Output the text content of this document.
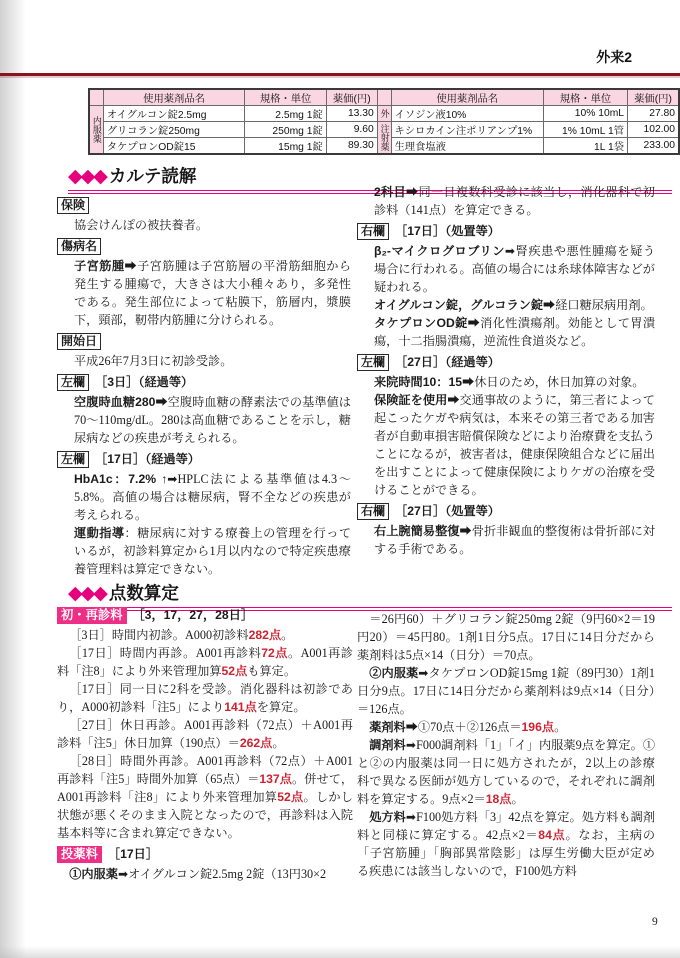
外来2
	使用薬剤品名	規格・単位	薬価(円)		使用薬剤品名	規格・単位	薬価(円)
内服薬	オイグルコン錠2.5mg	2.5mg 1錠	13.30	外	イソジン液10%	10% 10mL	27.80
	グリコラン錠250mg	250mg 1錠	9.60	注射薬	キシロカイン注ポリアンプ1%	1% 10mL 1管	102.00
	タケプロンOD錠15	15mg 1錠	89.30		生理食塩液	1L 1袋	233.00
◆◆◆ カルテ読解
保険
協会けんぽの被扶養者。
傷病名
子宮筋腫➡子宮筋腫は子宮筋層の平滑筋細胞から発生する腫瘍で，大きさは大小種々あり，多発性である。発生部位によって粘膜下，筋層内，漿膜下，頸部，靭帯内筋腫に分けられる。
開始日
平成26年7月3日に初診受診。
左欄 ［3日］（経過等）
空腹時血糖280➡空腹時血糖の酵素法での基準値は70〜110mg/dL。280は高血糖であることを示し，糖尿病などの疾患が考えられる。
左欄 ［17日］（経過等）
HbA1c：7.2% ↑➡HPLC法による基準値は4.3〜5.8%。高値の場合は糖尿病，腎不全などの疾患が考えられる。
運動指導：糖尿病に対する療養上の管理を行っているが，初診料算定から1月以内なので特定疾患療養管理料は算定できない。
2科目➡同一日複数科受診に該当し，消化器科で初診料（141点）を算定できる。
右欄 ［17日］（処置等）
β₂-マイクログロブリン➡腎疾患や悪性腫瘍を疑う場合に行われる。高値の場合には糸球体障害などが疑われる。
オイグルコン錠，グルコラン錠➡経口糖尿病用剤。
タケプロンOD錠➡消化性潰瘍剤。効能として胃潰瘍，十二指腸潰瘍，逆流性食道炎など。
左欄 ［27日］（経過等）
来院時間10：15➡休日のため，休日加算の対象。
保険証を使用➡交通事故のように，第三者によって起こったケガや病気は，本来その第三者である加害者が自動車損害賠償保険などにより治療費を支払うことになるが，被害者は，健康保険組合などに届出を出すことによって健康保険によりケガの治療を受けることができる。
右欄 ［27日］（処置等）
右上腕簡易整復➡骨折非観血的整復術は骨折部に対する手術である。
◆◆◆ 点数算定
初・再診料 ［3，17，27，28日］
［3日］時間内初診。A000初診料282点。
［17日］時間内再診。A001再診料72点。A001再診料「注8」により外来管理加算52点も算定。
［17日］同一日に2科を受診。消化器科は初診であり，A000初診料「注5」により141点を算定。
［27日］休日再診。A001再診料（72点）＋A001再診料「注5」休日加算（190点）＝262点。
［28日］時間外再診。A001再診料（72点）＋A001再診料「注5」時間外加算（65点）＝137点。併せて，A001再診料「注8」により外来管理加算52点。しかし状態が悪くそのまま入院となったので，再診料は入院基本料等に含まれ算定できない。
投薬料 ［17日］
①内服薬➡オイグルコン錠2.5mg 2錠（13円30×2
＝26円60）＋グリコラン錠250mg 2錠（9円60×2＝19円20）＝45円80。1剤1日分5点。17日に14日分だから薬剤料は5点×14（日分）＝70点。
②内服薬➡タケプロンOD錠15mg 1錠（89円30）1剤1日分9点。17日に14日分だから薬剤料は9点×14（日分）＝126点。
薬剤料➡①70点＋②126点＝196点。
調剤料➡F000調剤料「1」「イ」内服薬9点を算定。①と②の内服薬は同一日に処方されたが，2以上の診療科で異なる医師が処方しているので，それぞれに調剤料を算定する。9点×2＝18点。
処方料➡F100処方料「3」42点を算定。処方料も調剤料と同様に算定する。42点×2＝84点。なお，主病の「子宮筋腫」「胸部異常陰影」は厚生労働大臣が定める疾患には該当しないので，F100処方料
9
